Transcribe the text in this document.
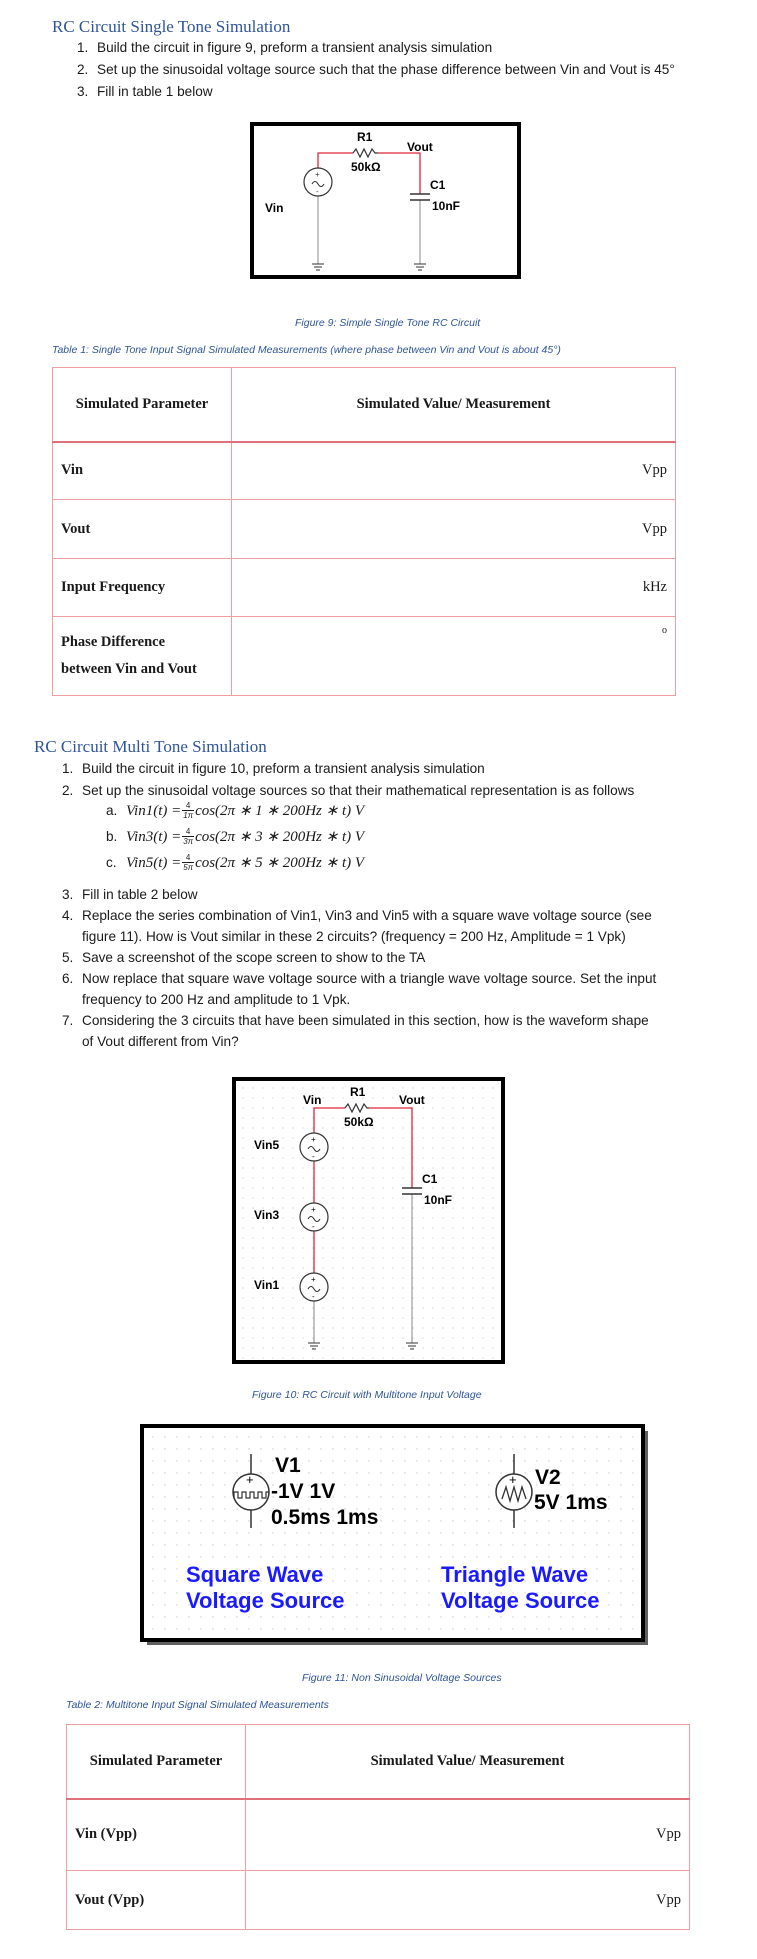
RC Circuit Single Tone Simulation
1. Build the circuit in figure 9, preform a transient analysis simulation
2. Set up the sinusoidal voltage source such that the phase difference between Vin and Vout is 45°
3. Fill in table 1 below
+
-
R1
50kΩ
Vout
C1
10nF
Vin
Figure 9: Simple Single Tone RC Circuit
Table 1: Single Tone Input Signal Simulated Measurements (where phase between Vin and Vout is about 45°)
Simulated Parameter	Simulated Value/ Measurement
Vin	Vpp
Vout	Vpp
Input Frequency	kHz
Phase Difference
between Vin and Vout	o
RC Circuit Multi Tone Simulation
1. Build the circuit in figure 10, preform a transient analysis simulation
2. Set up the sinusoidal voltage sources so that their mathematical representation is as follows
a. $Vin1(t) = \frac{4}{1\pi} \cos(2\pi$ ∗ 1 ∗ 200Hz ∗ t) V
b. $Vin3(t) = \frac{4}{3\pi} \cos(2\pi$ ∗ 3 ∗ 200Hz ∗ t) V
c. $Vin5(t) = \frac{4}{5\pi} \cos(2\pi$ ∗ 5 ∗ 200Hz ∗ t) V
3. Fill in table 2 below
4. Replace the series combination of Vin1, Vin3 and Vin5 with a square wave voltage source (see
figure 11). How is Vout similar in these 2 circuits? (frequency = 200 Hz, Amplitude = 1 Vpk)
5. Save a screenshot of the scope screen to show to the TA
6. Now replace that square wave voltage source with a triangle wave voltage source. Set the input
frequency to 200 Hz and amplitude to 1 Vpk.
7. Considering the 3 circuits that have been simulated in this section, how is the waveform shape
of Vout different from Vin?
+
-
+
-
+
-
Vin
R1
50kΩ
Vout
Vin5
Vin3
Vin1
C1
10nF
Figure 10: RC Circuit with Multitone Input Voltage
+	+
V1
-1V 1V
0.5ms 1ms
V2
5V 1ms
Square Wave
Voltage Source
Triangle Wave
Voltage Source
Figure 11: Non Sinusoidal Voltage Sources
Table 2: Multitone Input Signal Simulated Measurements
Simulated Parameter	Simulated Value/ Measurement
Vin (Vpp)	Vpp
Vout (Vpp)	Vpp
